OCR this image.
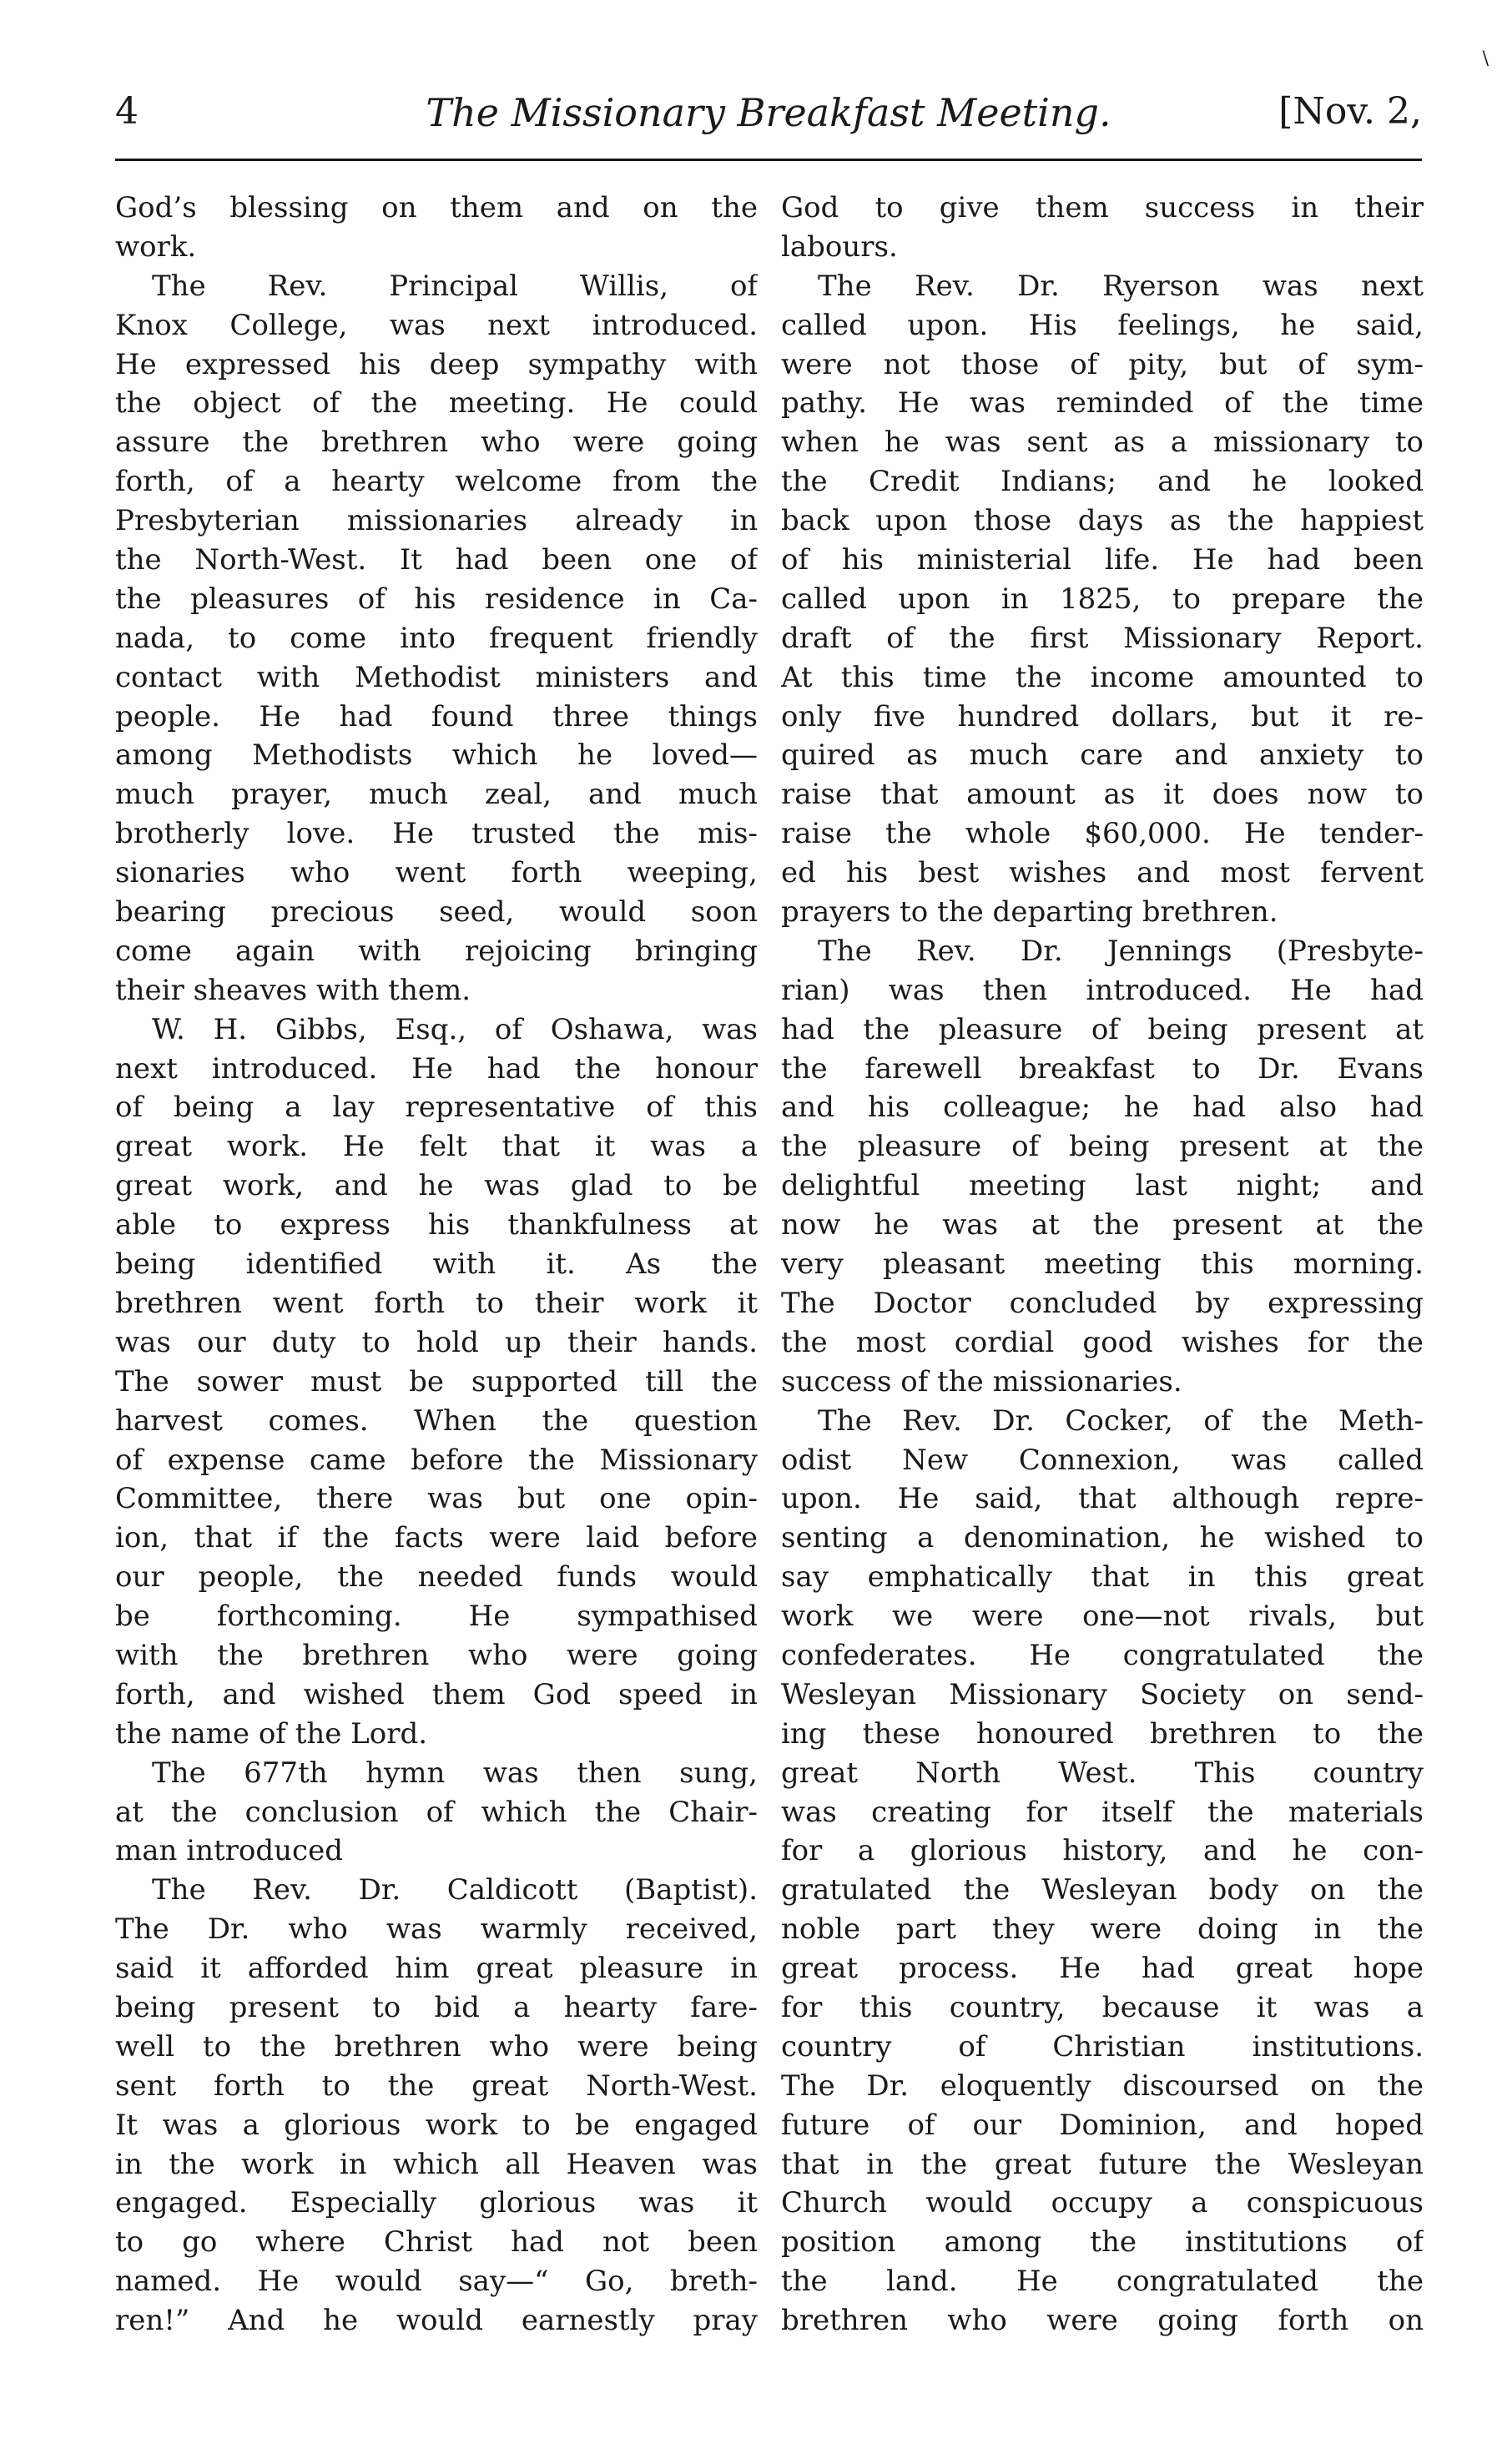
\
4	The Missionary Breakfast Meeting.	[Nov. 2,
God’s blessing on them and on the
work.
The Rev. Principal Willis, of
Knox College, was next introduced.
He expressed his deep sympathy with
the object of the meeting. He could
assure the brethren who were going
forth, of a hearty welcome from the
Presbyterian missionaries already in
the North-West. It had been one of
the pleasures of his residence in Ca-
nada, to come into frequent friendly
contact with Methodist ministers and
people. He had found three things
among Methodists which he loved—
much prayer, much zeal, and much
brotherly love. He trusted the mis-
sionaries who went forth weeping,
bearing precious seed, would soon
come again with rejoicing bringing
their sheaves with them.
W. H. Gibbs, Esq., of Oshawa, was
next introduced. He had the honour
of being a lay representative of this
great work. He felt that it was a
great work, and he was glad to be
able to express his thankfulness at
being identified with it. As the
brethren went forth to their work it
was our duty to hold up their hands.
The sower must be supported till the
harvest comes. When the question
of expense came before the Missionary
Committee, there was but one opin-
ion, that if the facts were laid before
our people, the needed funds would
be forthcoming. He sympathised
with the brethren who were going
forth, and wished them God speed in
the name of the Lord.
The 677th hymn was then sung,
at the conclusion of which the Chair-
man introduced
The Rev. Dr. Caldicott (Baptist).
The Dr. who was warmly received,
said it afforded him great pleasure in
being present to bid a hearty fare-
well to the brethren who were being
sent forth to the great North-West.
It was a glorious work to be engaged
in the work in which all Heaven was
engaged. Especially glorious was it
to go where Christ had not been
named. He would say—“ Go, breth-
ren!” And he would earnestly pray
God to give them success in their
labours.
The Rev. Dr. Ryerson was next
called upon. His feelings, he said,
were not those of pity, but of sym-
pathy. He was reminded of the time
when he was sent as a missionary to
the Credit Indians; and he looked
back upon those days as the happiest
of his ministerial life. He had been
called upon in 1825, to prepare the
draft of the first Missionary Report.
At this time the income amounted to
only five hundred dollars, but it re-
quired as much care and anxiety to
raise that amount as it does now to
raise the whole $60,000. He tender-
ed his best wishes and most fervent
prayers to the departing brethren.
The Rev. Dr. Jennings (Presbyte-
rian) was then introduced. He had
had the pleasure of being present at
the farewell breakfast to Dr. Evans
and his colleague; he had also had
the pleasure of being present at the
delightful meeting last night; and
now he was at the present at the
very pleasant meeting this morning.
The Doctor concluded by expressing
the most cordial good wishes for the
success of the missionaries.
The Rev. Dr. Cocker, of the Meth-
odist New Connexion, was called
upon. He said, that although repre-
senting a denomination, he wished to
say emphatically that in this great
work we were one—not rivals, but
confederates. He congratulated the
Wesleyan Missionary Society on send-
ing these honoured brethren to the
great North West. This country
was creating for itself the materials
for a glorious history, and he con-
gratulated the Wesleyan body on the
noble part they were doing in the
great process. He had great hope
for this country, because it was a
country of Christian institutions.
The Dr. eloquently discoursed on the
future of our Dominion, and hoped
that in the great future the Wesleyan
Church would occupy a conspicuous
position among the institutions of
the land. He congratulated the
brethren who were going forth on
